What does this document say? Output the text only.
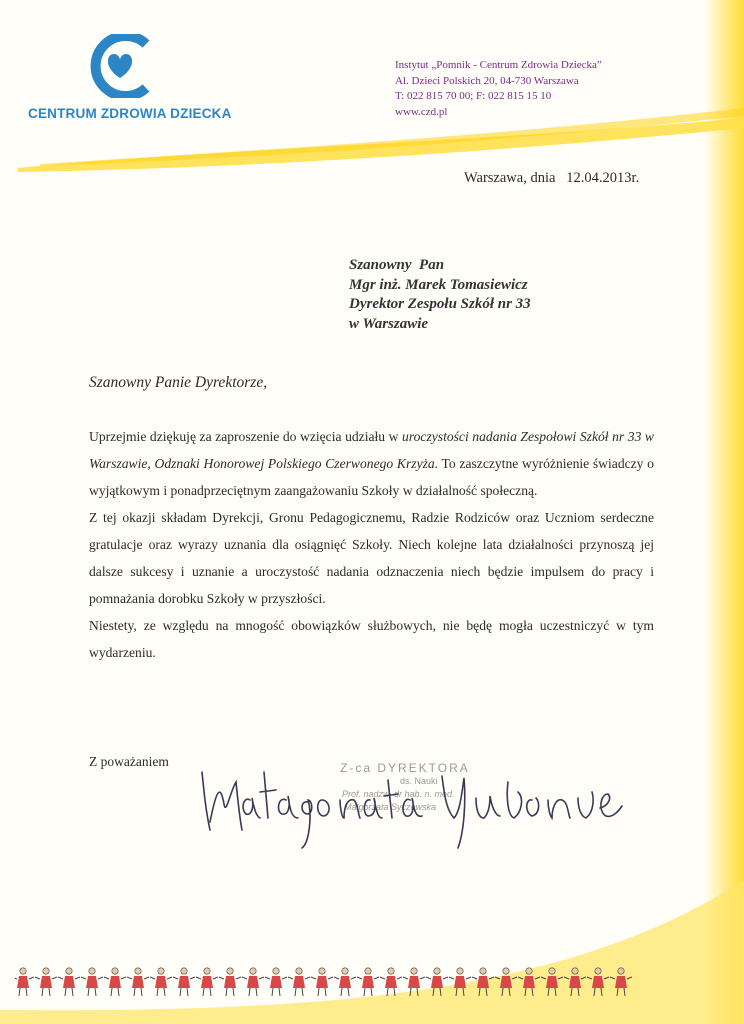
CENTRUM ZDROWIA DZIECKA
Instytut „Pomnik - Centrum Zdrowia Dziecka”
Al. Dzieci Polskich 20, 04-730 Warszawa
T: 022 815 70 00; F: 022 815 15 10
www.czd.pl
Warszawa, dnia   12.04.2013r.
Szanowny  Pan
Mgr inż. Marek Tomasiewicz
Dyrektor Zespołu Szkół nr 33
w Warszawie
Szanowny Panie Dyrektorze,

Uprzejmie dziękuję za zaproszenie do wzięcia udziału w uroczystości nadania Zespołowi Szkół nr 33 w Warszawie, Odznaki Honorowej Polskiego Czerwonego Krzyża. To zaszczytne wyróżnienie świadczy o wyjątkowym i ponadprzeciętnym zaangażowaniu Szkoły w działalność społeczną.

Z tej okazji składam Dyrekcji, Gronu Pedagogicznemu, Radzie Rodziców oraz Uczniom serdeczne gratulacje oraz wyrazy uznania dla osiągnięć Szkoły. Niech kolejne lata działalności przynoszą jej dalsze sukcesy i uznanie a uroczystość nadania odznaczenia niech będzie impulsem do pracy i pomnażania dorobku Szkoły w przyszłości.

Niestety, ze względu na mnogość obowiązków służbowych, nie będę mogła uczestniczyć w tym wydarzeniu.

Z poważaniem	Z-ca DYREKTORA
ds. Nauki
Prof. nadzw. dr hab. n. med.
Małgorzata Syczewska
